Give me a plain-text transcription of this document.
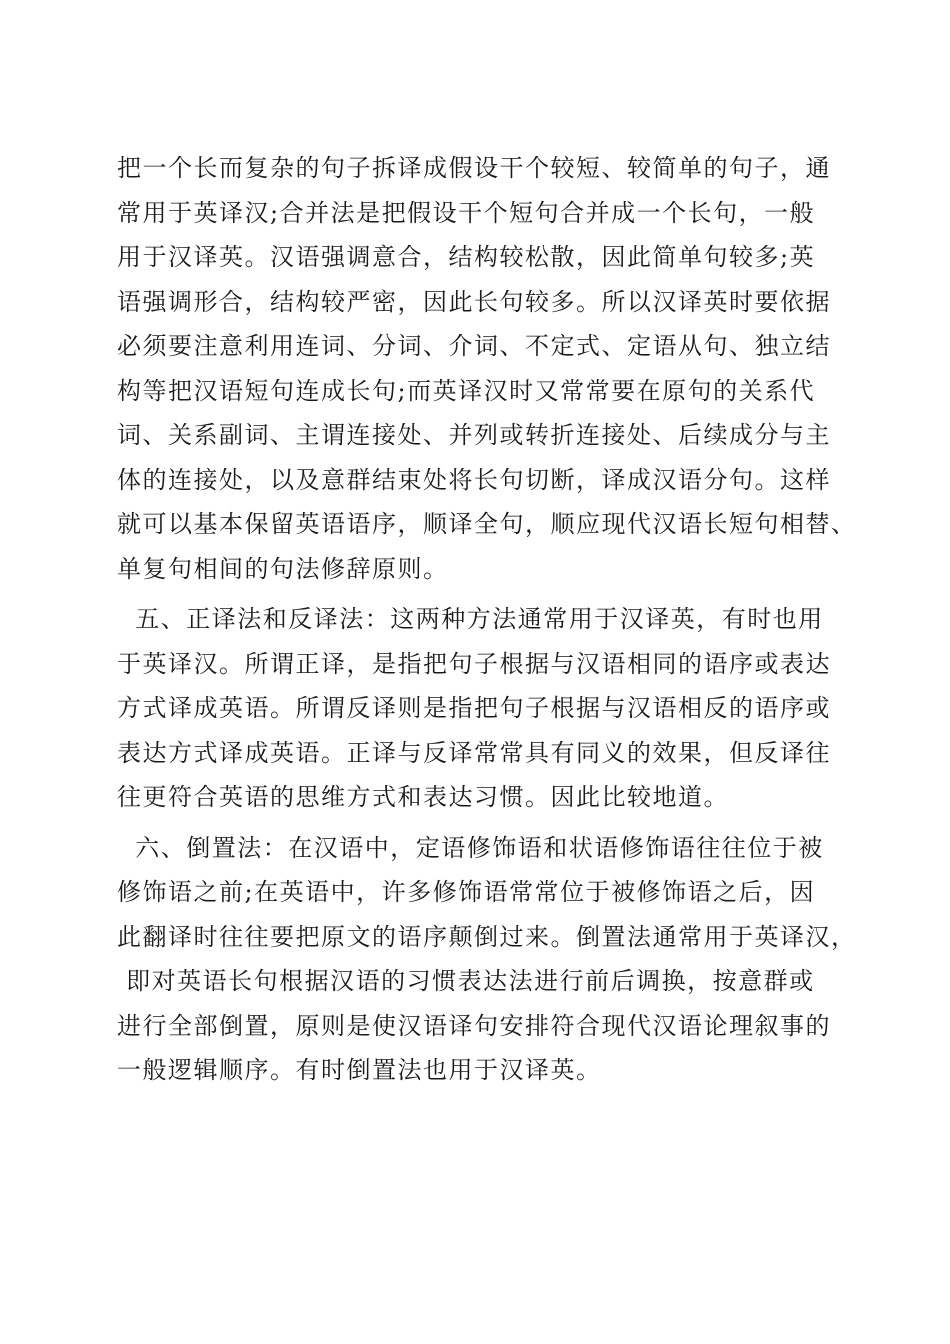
把一个长而复杂的句子拆译成假设干个较短、较简单的句子，通
常用于英译汉;合并法是把假设干个短句合并成一个长句，一般
用于汉译英。汉语强调意合，结构较松散，因此简单句较多;英
语强调形合，结构较严密，因此长句较多。所以汉译英时要依据
必须要注意利用连词、分词、介词、不定式、定语从句、独立结
构等把汉语短句连成长句;而英译汉时又常常要在原句的关系代
词、关系副词、主谓连接处、并列或转折连接处、后续成分与主
体的连接处，以及意群结束处将长句切断，译成汉语分句。这样
就可以基本保留英语语序，顺译全句，顺应现代汉语长短句相替、
单复句相间的句法修辞原则。
五、正译法和反译法：这两种方法通常用于汉译英，有时也用
于英译汉。所谓正译，是指把句子根据与汉语相同的语序或表达
方式译成英语。所谓反译则是指把句子根据与汉语相反的语序或
表达方式译成英语。正译与反译常常具有同义的效果，但反译往
往更符合英语的思维方式和表达习惯。因此比较地道。
六、倒置法：在汉语中，定语修饰语和状语修饰语往往位于被
修饰语之前;在英语中，许多修饰语常常位于被修饰语之后，因
此翻译时往往要把原文的语序颠倒过来。倒置法通常用于英译汉，
即对英语长句根据汉语的习惯表达法进行前后调换，按意群或
进行全部倒置，原则是使汉语译句安排符合现代汉语论理叙事的
一般逻辑顺序。有时倒置法也用于汉译英。
